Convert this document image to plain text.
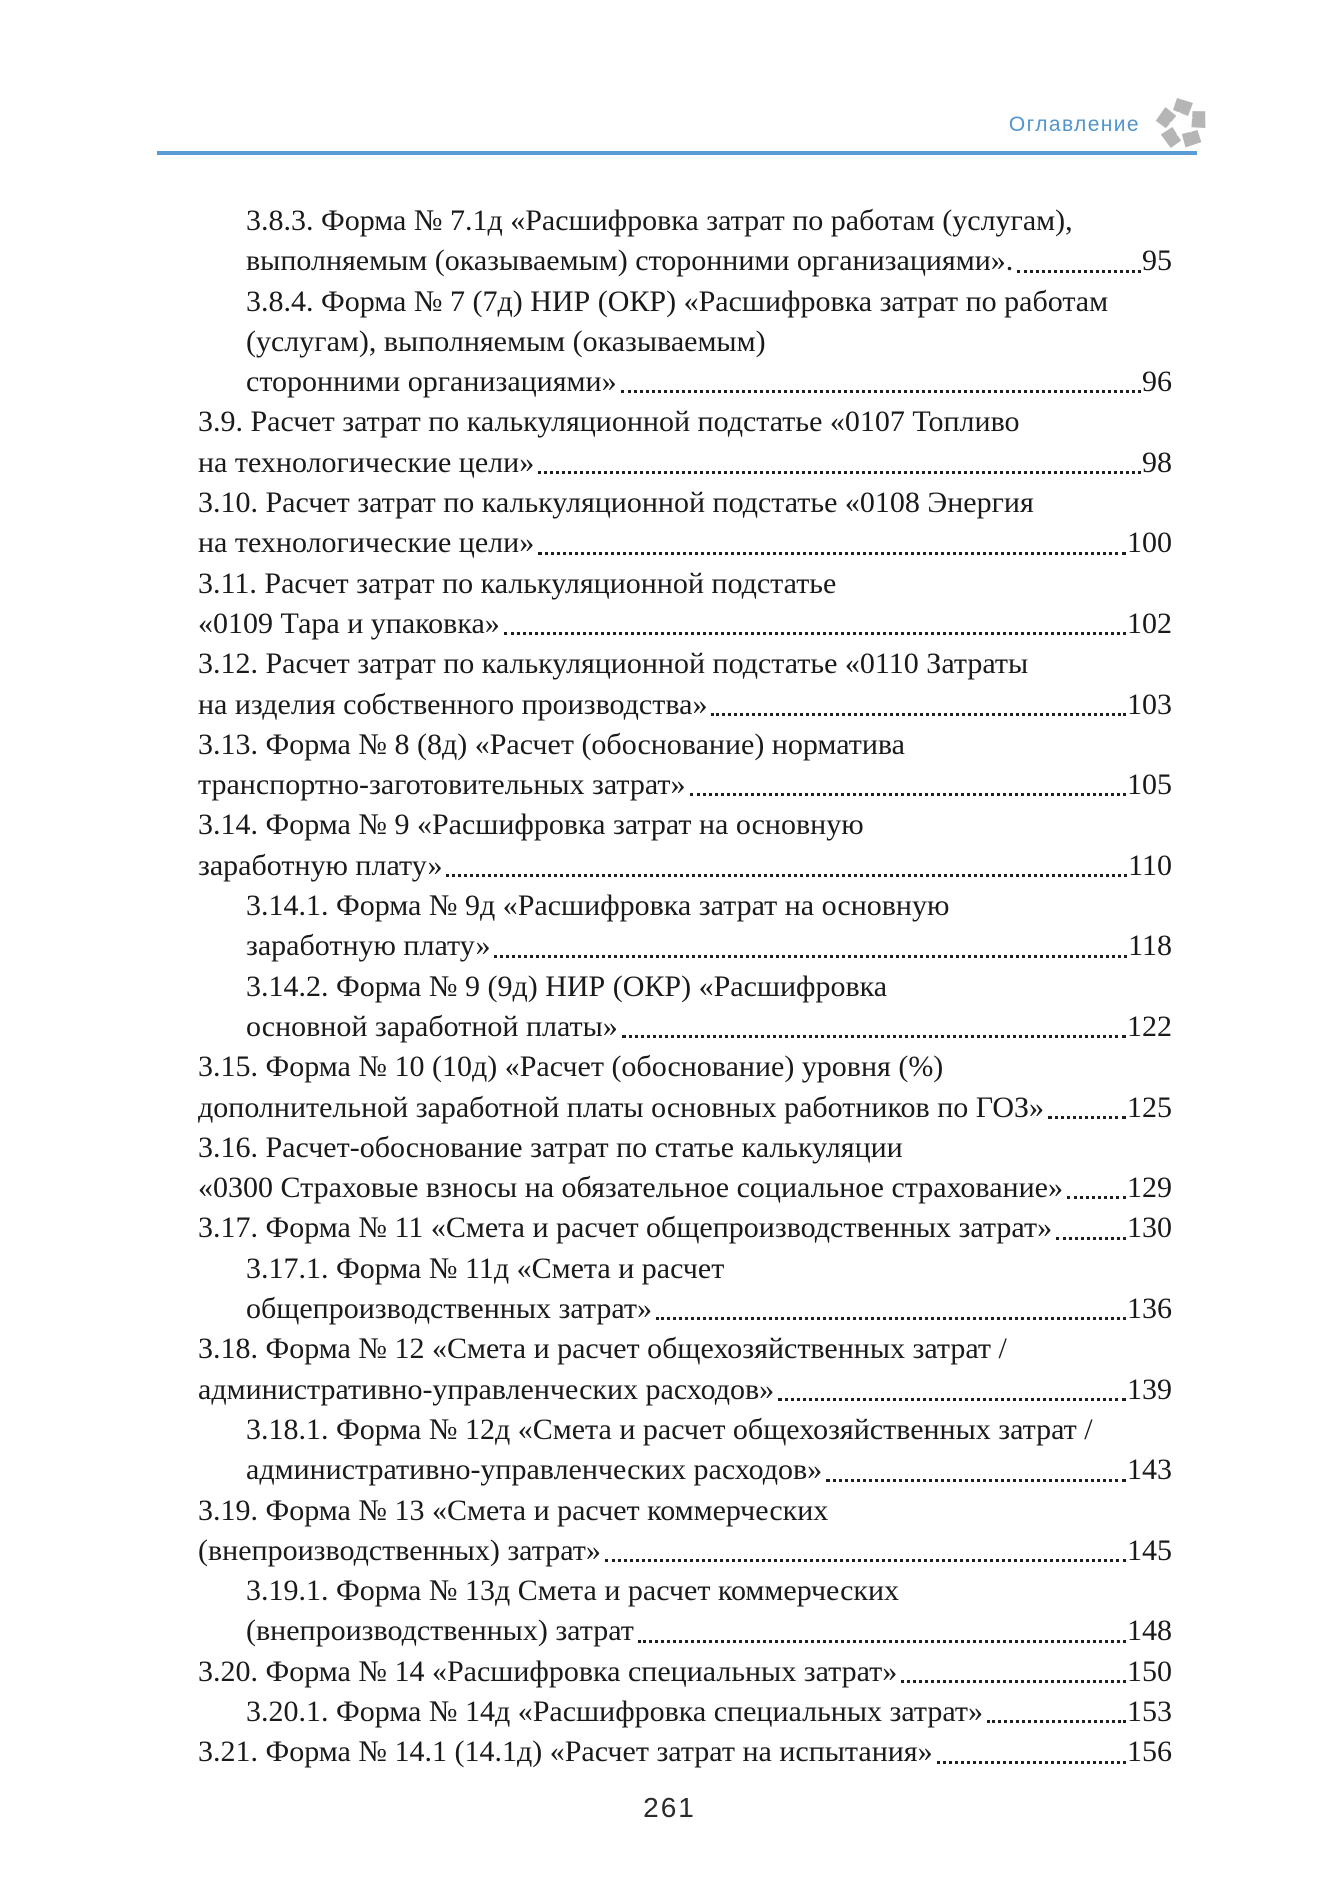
Оглавление
3.8.3. Форма № 7.1д «Расшифровка затрат по работам (услугам),
выполняемым (оказываемым) сторонними организациями».	95
3.8.4. Форма № 7 (7д) НИР (ОКР) «Расшифровка затрат по работам
(услугам), выполняемым (оказываемым)
сторонними организациями»	96
3.9. Расчет затрат по калькуляционной подстатье «0107 Топливо
на технологические цели»	98
3.10. Расчет затрат по калькуляционной подстатье «0108 Энергия
на технологические цели»	100
3.11. Расчет затрат по калькуляционной подстатье
«0109 Тара и упаковка»	102
3.12. Расчет затрат по калькуляционной подстатье «0110 Затраты
на изделия собственного производства»	103
3.13. Форма № 8 (8д) «Расчет (обоснование) норматива
транспортно-заготовительных затрат»	105
3.14. Форма № 9 «Расшифровка затрат на основную
заработную плату»	110
3.14.1. Форма № 9д «Расшифровка затрат на основную
заработную плату»	118
3.14.2. Форма № 9 (9д) НИР (ОКР) «Расшифровка
основной заработной платы»	122
3.15. Форма № 10 (10д) «Расчет (обоснование) уровня (%)
дополнительной заработной платы основных работников по ГОЗ»	125
3.16. Расчет-обоснование затрат по статье калькуляции
«0300 Страховые взносы на обязательное социальное страхование» 129
3.17. Форма № 11 «Смета и расчет общепроизводственных затрат» 130
3.17.1. Форма № 11д «Смета и расчет
общепроизводственных затрат»	136
3.18. Форма № 12 «Смета и расчет общехозяйственных затрат /
административно-управленческих расходов»	139
3.18.1. Форма № 12д «Смета и расчет общехозяйственных затрат /
административно-управленческих расходов»	143
3.19. Форма № 13 «Смета и расчет коммерческих
(внепроизводственных) затрат»	145
3.19.1. Форма № 13д Смета и расчет коммерческих
(внепроизводственных) затрат	148
3.20. Форма № 14 «Расшифровка специальных затрат»	150
3.20.1. Форма № 14д «Расшифровка специальных затрат»	153
3.21. Форма № 14.1 (14.1д) «Расчет затрат на испытания»	156
261
